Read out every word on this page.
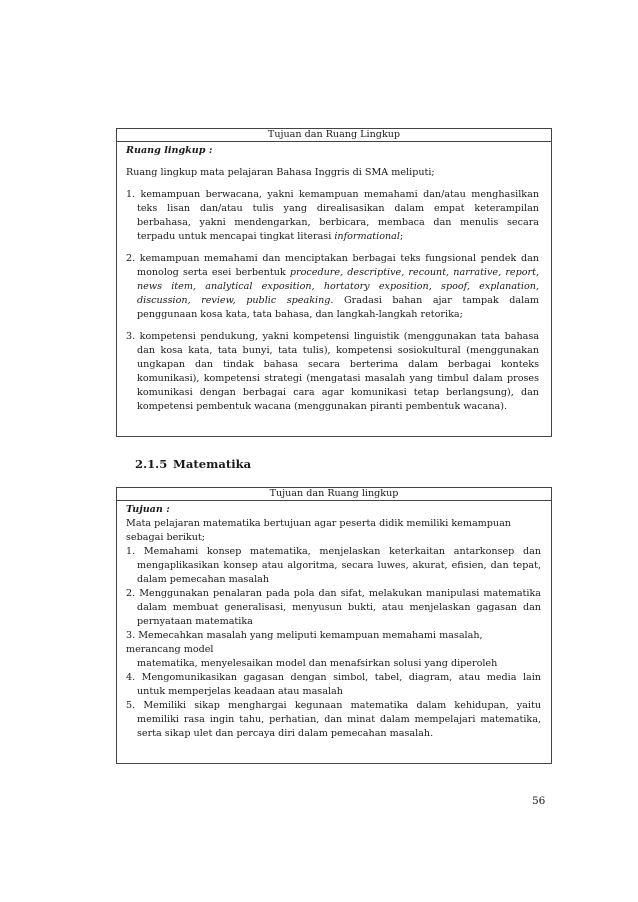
Tujuan dan Ruang Lingkup

Ruang lingkup :

Ruang lingkup mata pelajaran Bahasa Inggris di SMA meliputi;

1. kemampuan berwacana, yakni kemampuan memahami dan/atau menghasilkan teks lisan dan/atau tulis yang direalisasikan dalam empat keterampilan berbahasa, yakni mendengarkan, berbicara, membaca dan menulis secara terpadu untuk mencapai tingkat literasi informational;

2. kemampuan memahami dan menciptakan berbagai teks fungsional pendek dan monolog serta esei berbentuk procedure, descriptive, recount, narrative, report, news item, analytical exposition, hortatory exposition, spoof, explanation, discussion, review, public speaking. Gradasi bahan ajar tampak dalam penggunaan kosa kata, tata bahasa, dan langkah-langkah retorika;

3. kompetensi pendukung, yakni kompetensi linguistik (menggunakan tata bahasa dan kosa kata, tata bunyi, tata tulis), kompetensi sosiokultural (menggunakan ungkapan dan tindak bahasa secara berterima dalam berbagai konteks komunikasi), kompetensi strategi (mengatasi masalah yang timbul dalam proses komunikasi dengan berbagai cara agar komunikasi tetap berlangsung), dan kompetensi pembentuk wacana (menggunakan piranti pembentuk wacana).

2.1.5 Matematika
Tujuan dan Ruang lingkup

Tujuan :

Mata pelajaran matematika bertujuan agar peserta didik memiliki kemampuan sebagai berikut;

1. Memahami konsep matematika, menjelaskan keterkaitan antarkonsep dan mengaplikasikan konsep atau algoritma, secara luwes, akurat, efisien, dan tepat, dalam pemecahan masalah

2. Menggunakan penalaran pada pola dan sifat, melakukan manipulasi matematika dalam membuat generalisasi, menyusun bukti, atau menjelaskan gagasan dan pernyataan matematika

3. Memecahkan masalah yang meliputi kemampuan memahami masalah, merancang model

matematika, menyelesaikan model dan menafsirkan solusi yang diperoleh

4. Mengomunikasikan gagasan dengan simbol, tabel, diagram, atau media lain untuk memperjelas keadaan atau masalah

5. Memiliki sikap menghargai kegunaan matematika dalam kehidupan, yaitu memiliki rasa ingin tahu, perhatian, dan minat dalam mempelajari matematika, serta sikap ulet dan percaya diri dalam pemecahan masalah.

56
